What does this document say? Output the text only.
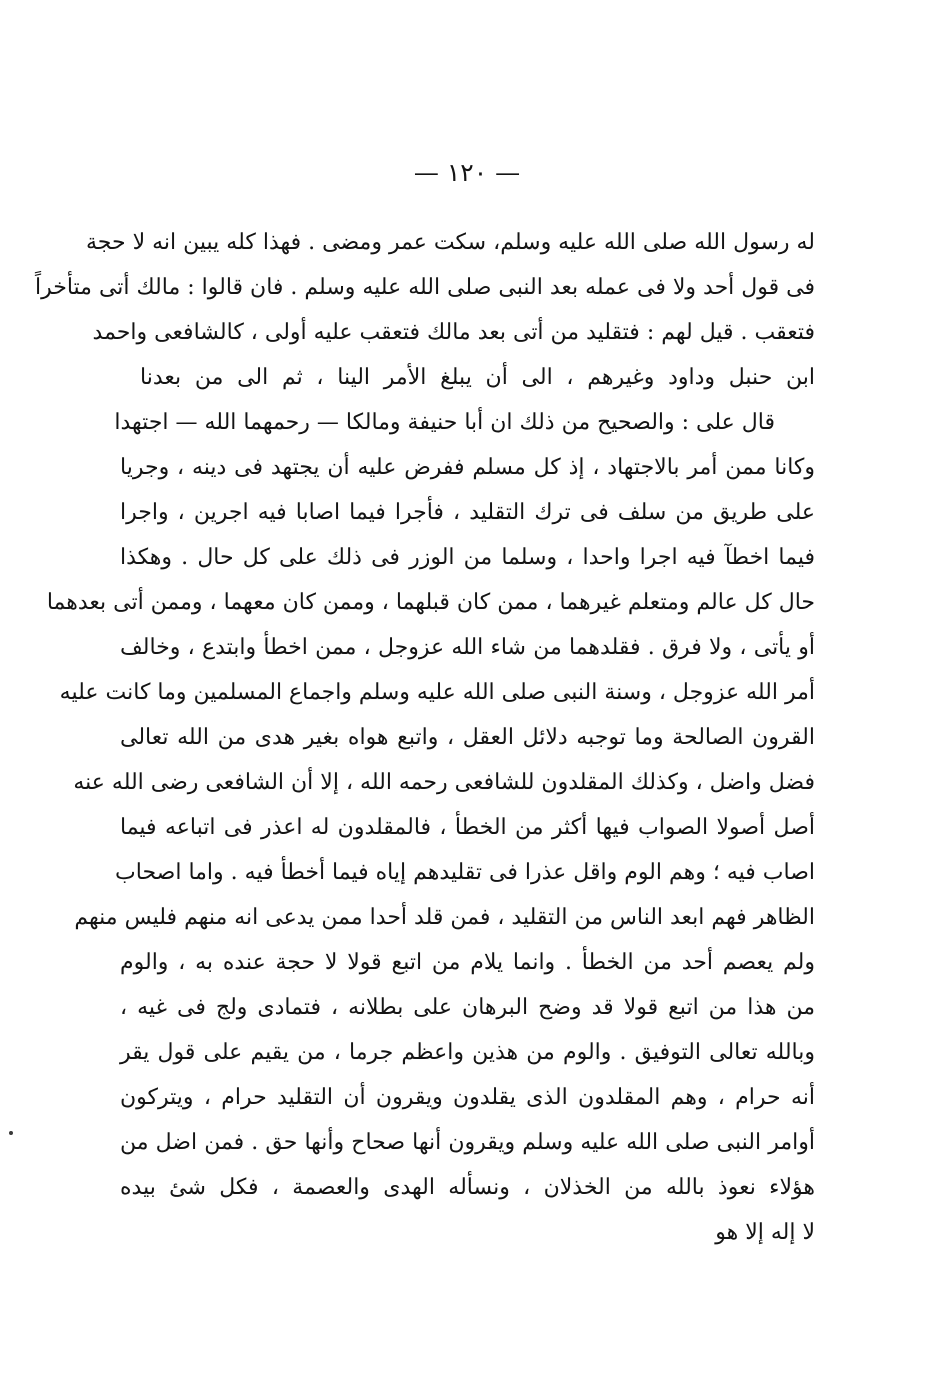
— ١٢٠ —
له رسول الله صلى الله عليه وسلم، سكت عمر ومضى . فهذا كله يبين انه لا حجة
فى قول أحد ولا فى عمله بعد النبى صلى الله عليه وسلم . فان قالوا : مالك أتى متأخراً
فتعقب . قيل لهم : فتقليد من أتى بعد مالك فتعقب عليه أولى ، كالشافعى واحمد
ابن حنبل وداود وغيرهم ، الى أن يبلغ الأمر الينا ، ثم الى من بعدنا
قال على : والصحيح من ذلك ان أبا حنيفة ومالكا — رحمهما الله — اجتهدا
وكانا ممن أمر بالاجتهاد ، إذ كل مسلم ففرض عليه أن يجتهد فى دينه ، وجريا
على طريق من سلف فى ترك التقليد ، فأجرا فيما اصابا فيه اجرين ، واجرا
فيما اخطآ فيه اجرا واحدا ، وسلما من الوزر فى ذلك على كل حال . وهكذا
حال كل عالم ومتعلم غيرهما ، ممن كان قبلهما ، وممن كان معهما ، وممن أتى بعدهما
أو يأتى ، ولا فرق . فقلدهما من شاء الله عزوجل ، ممن اخطأ وابتدع ، وخالف
أمر الله عزوجل ، وسنة النبى صلى الله عليه وسلم واجماع المسلمين وما كانت عليه
القرون الصالحة وما توجبه دلائل العقل ، واتبع هواه بغير هدى من الله تعالى
فضل واضل ، وكذلك المقلدون للشافعى رحمه الله ، إلا أن الشافعى رضى الله عنه
أصل أصولا الصواب فيها أكثر من الخطأ ، فالمقلدون له اعذر فى اتباعه فيما
اصاب فيه ؛ وهم الوم واقل عذرا فى تقليدهم إياه فيما أخطأ فيه . واما اصحاب
الظاهر فهم ابعد الناس من التقليد ، فمن قلد أحدا ممن يدعى انه منهم فليس منهم
ولم يعصم أحد من الخطأ . وانما يلام من اتبع قولا لا حجة عنده به ، والوم
من هذا من اتبع قولا قد وضح البرهان على بطلانه ، فتمادى ولج فى غيه ،
وبالله تعالى التوفيق . والوم من هذين واعظم جرما ، من يقيم على قول يقر
أنه حرام ، وهم المقلدون الذى يقلدون ويقرون أن التقليد حرام ، ويتركون
أوامر النبى صلى الله عليه وسلم ويقرون أنها صحاح وأنها حق . فمن اضل من
هؤلاء نعوذ بالله من الخذلان ، ونسأله الهدى والعصمة ، فكل شئ بيده
لا إله إلا هو
